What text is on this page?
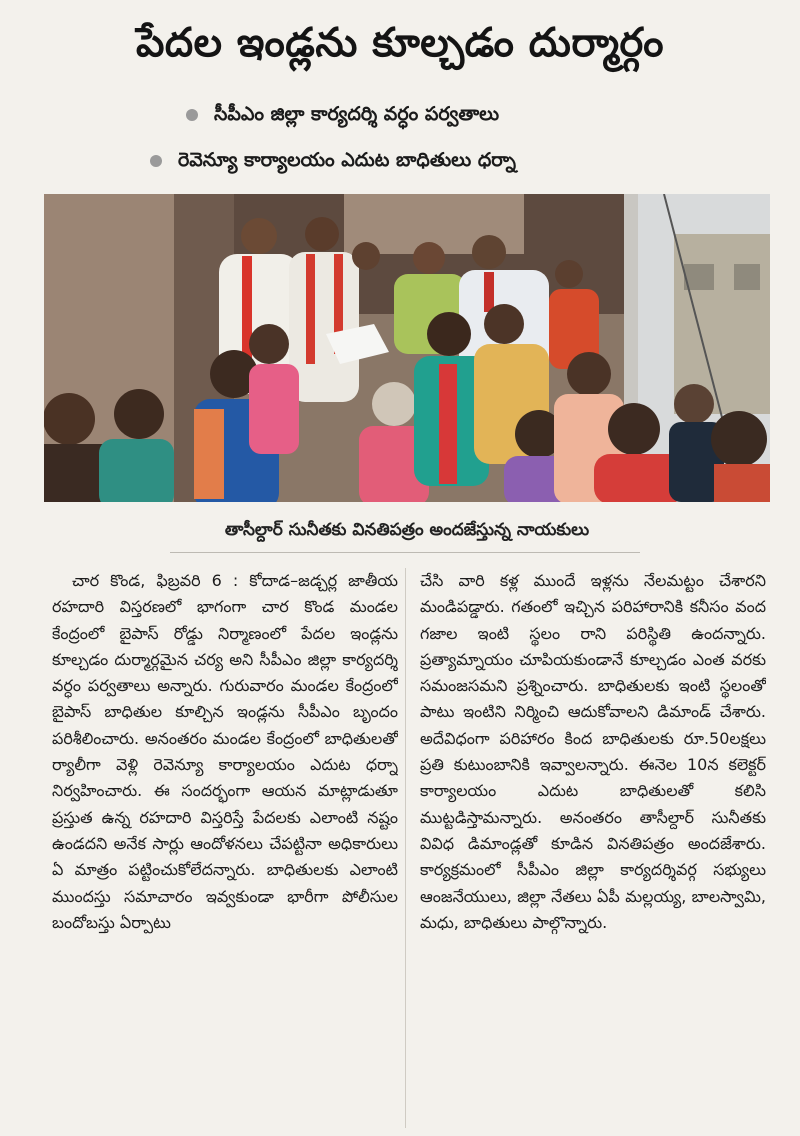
పేదల ఇండ్లను కూల్చడం దుర్మార్గం
సీపీఎం జిల్లా కార్యదర్శి వర్ధం పర్వతాలు
రెవెన్యూ కార్యాలయం ఎదుట బాధితులు ధర్నా
తాసీల్దార్ సునీతకు వినతిపత్రం అందజేస్తున్న నాయకులు

చార కొండ, ఫిబ్రవరి 6 : కోదాడ–జడ్చర్ల జాతీయ రహదారి విస్తరణలో భాగంగా చార కొండ మండల కేంద్రంలో బైపాస్ రోడ్డు నిర్మాణంలో పేదల ఇండ్లను కూల్చడం దుర్మార్గమైన చర్య అని సీపీఎం జిల్లా కార్యదర్శి వర్ధం పర్వతాలు అన్నారు. గురువారం మండల కేంద్రంలో బైపాస్ బాధితుల కూల్చిన ఇండ్లను సీపీఎం బృందం పరిశీలించారు. అనంతరం మండల కేంద్రంలో బాధితులతో ర్యాలీగా వెళ్లి రెవెన్యూ కార్యాలయం ఎదుట ధర్నా నిర్వహించారు. ఈ సందర్భంగా ఆయన మాట్లాడుతూ ప్రస్తుత ఉన్న రహదారి విస్తరిస్తే పేదలకు ఎలాంటి నష్టం ఉండదని అనేక సార్లు ఆందోళనలు చేపట్టినా అధికారులు ఏ మాత్రం పట్టించుకోలేదన్నారు. బాధితులకు ఎలాంటి ముందస్తు సమాచారం ఇవ్వకుండా భారీగా పోలీసుల బందోబస్తు ఏర్పాటు

చేసి వారి కళ్ల ముందే ఇళ్లను నేలమట్టం చేశారని మండిపడ్డారు. గతంలో ఇచ్చిన పరిహారానికి కనీసం వంద గజాల ఇంటి స్థలం రాని పరిస్థితి ఉందన్నారు. ప్రత్యామ్నాయం చూపియకుండానే కూల్చడం ఎంత వరకు సమంజసమని ప్రశ్నించారు. బాధితులకు ఇంటి స్థలంతో పాటు ఇంటిని నిర్మించి ఆదుకోవాలని డిమాండ్ చేశారు. అదేవిధంగా పరిహారం కింద బాధితులకు రూ.50లక్షలు ప్రతి కుటుంబానికి ఇవ్వాలన్నారు. ఈనెల 10న కలెక్టర్ కార్యాలయం ఎదుట బాధితులతో కలిసి ముట్టడిస్తామన్నారు. అనంతరం తాసీల్దార్ సునీతకు వివిధ డిమాండ్లతో కూడిన వినతిపత్రం అందజేశారు. కార్యక్రమంలో సీపీఎం జిల్లా కార్యదర్శివర్గ సభ్యులు ఆంజనేయులు, జిల్లా నేతలు ఏపీ మల్లయ్య, బాలస్వామి, మధు, బాధితులు పాల్గొన్నారు.
